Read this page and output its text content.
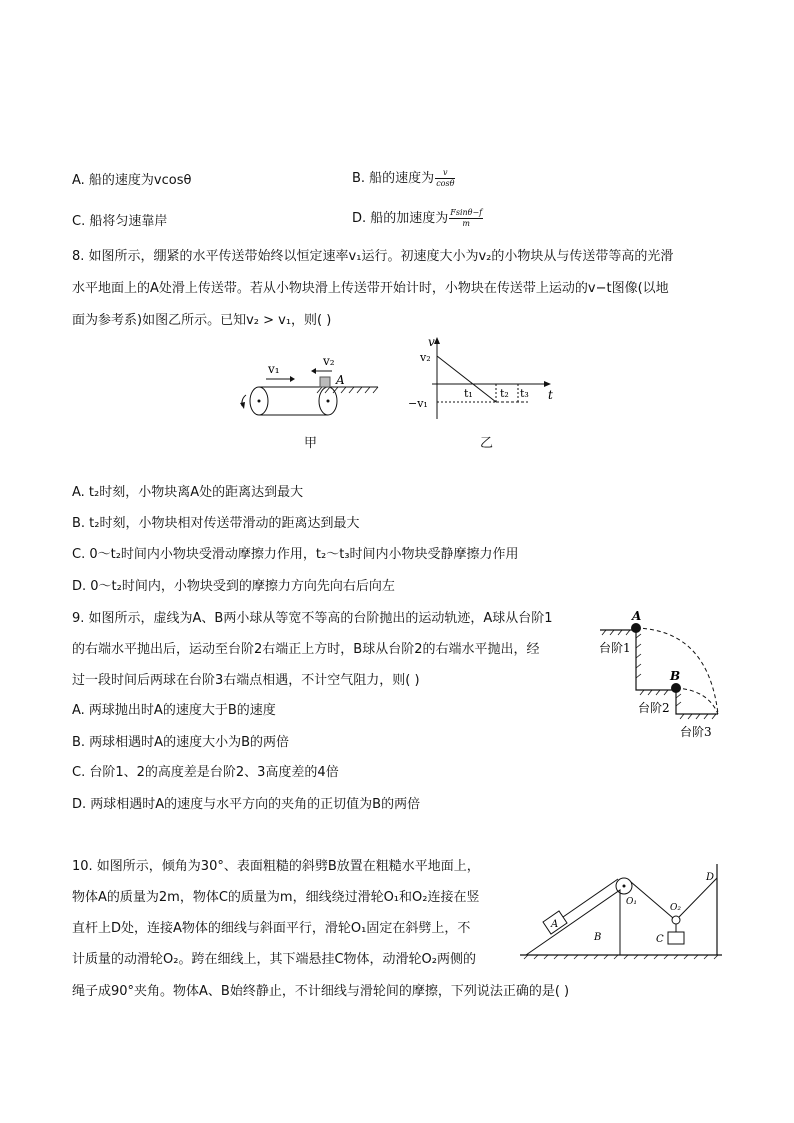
A. 船的速度为vcosθ	B. 船的速度为 $\frac{v}{\cos\theta}$
C. 船将匀速靠岸	D. 船的加速度为 $\frac{Fsin\theta-f}{m}$
8. 如图所示，绷紧的水平传送带始终以恒定速率v₁运行。初速度大小为v₂的小物块从与传送带等高的光滑
水平地面上的A处滑上传送带。若从小物块滑上传送带开始计时，小物块在传送带上运动的v−t图像(以地
面为参考系)如图乙所示。已知v₂ > v₁，则( )
v₁
v₂
A
甲
v
t
v₂
−v₁
t₁ t₂ t₃
乙
A. t₂时刻，小物块离A处的距离达到最大
B. t₂时刻，小物块相对传送带滑动的距离达到最大
C. 0～t₂时间内小物块受滑动摩擦力作用，t₂～t₃时间内小物块受静摩擦力作用
D. 0～t₂时间内，小物块受到的摩擦力方向先向右后向左
9. 如图所示，虚线为A、B两小球从等宽不等高的台阶抛出的运动轨迹，A球从台阶1
的右端水平抛出后，运动至台阶2右端正上方时，B球从台阶2的右端水平抛出，经
过一段时间后两球在台阶3右端点相遇，不计空气阻力，则( )
A
B
台阶1
台阶2
台阶3
A. 两球抛出时A的速度大于B的速度
B. 两球相遇时A的速度大小为B的两倍
C. 台阶1、2的高度差是台阶2、3高度差的4倍
D. 两球相遇时A的速度与水平方向的夹角的正切值为B的两倍
10. 如图所示，倾角为30°、表面粗糙的斜劈B放置在粗糙水平地面上，
物体A的质量为2m，物体C的质量为m，细线绕过滑轮O₁和O₂连接在竖
直杆上D处，连接A物体的细线与斜面平行，滑轮O₁固定在斜劈上，不
计质量的动滑轮O₂。跨在细线上，其下端悬挂C物体，动滑轮O₂两侧的
绳子成90°夹角。物体A、B始终静止，不计细线与滑轮间的摩擦，下列说法正确的是( )
A
B	C
D
O₁
O₂
